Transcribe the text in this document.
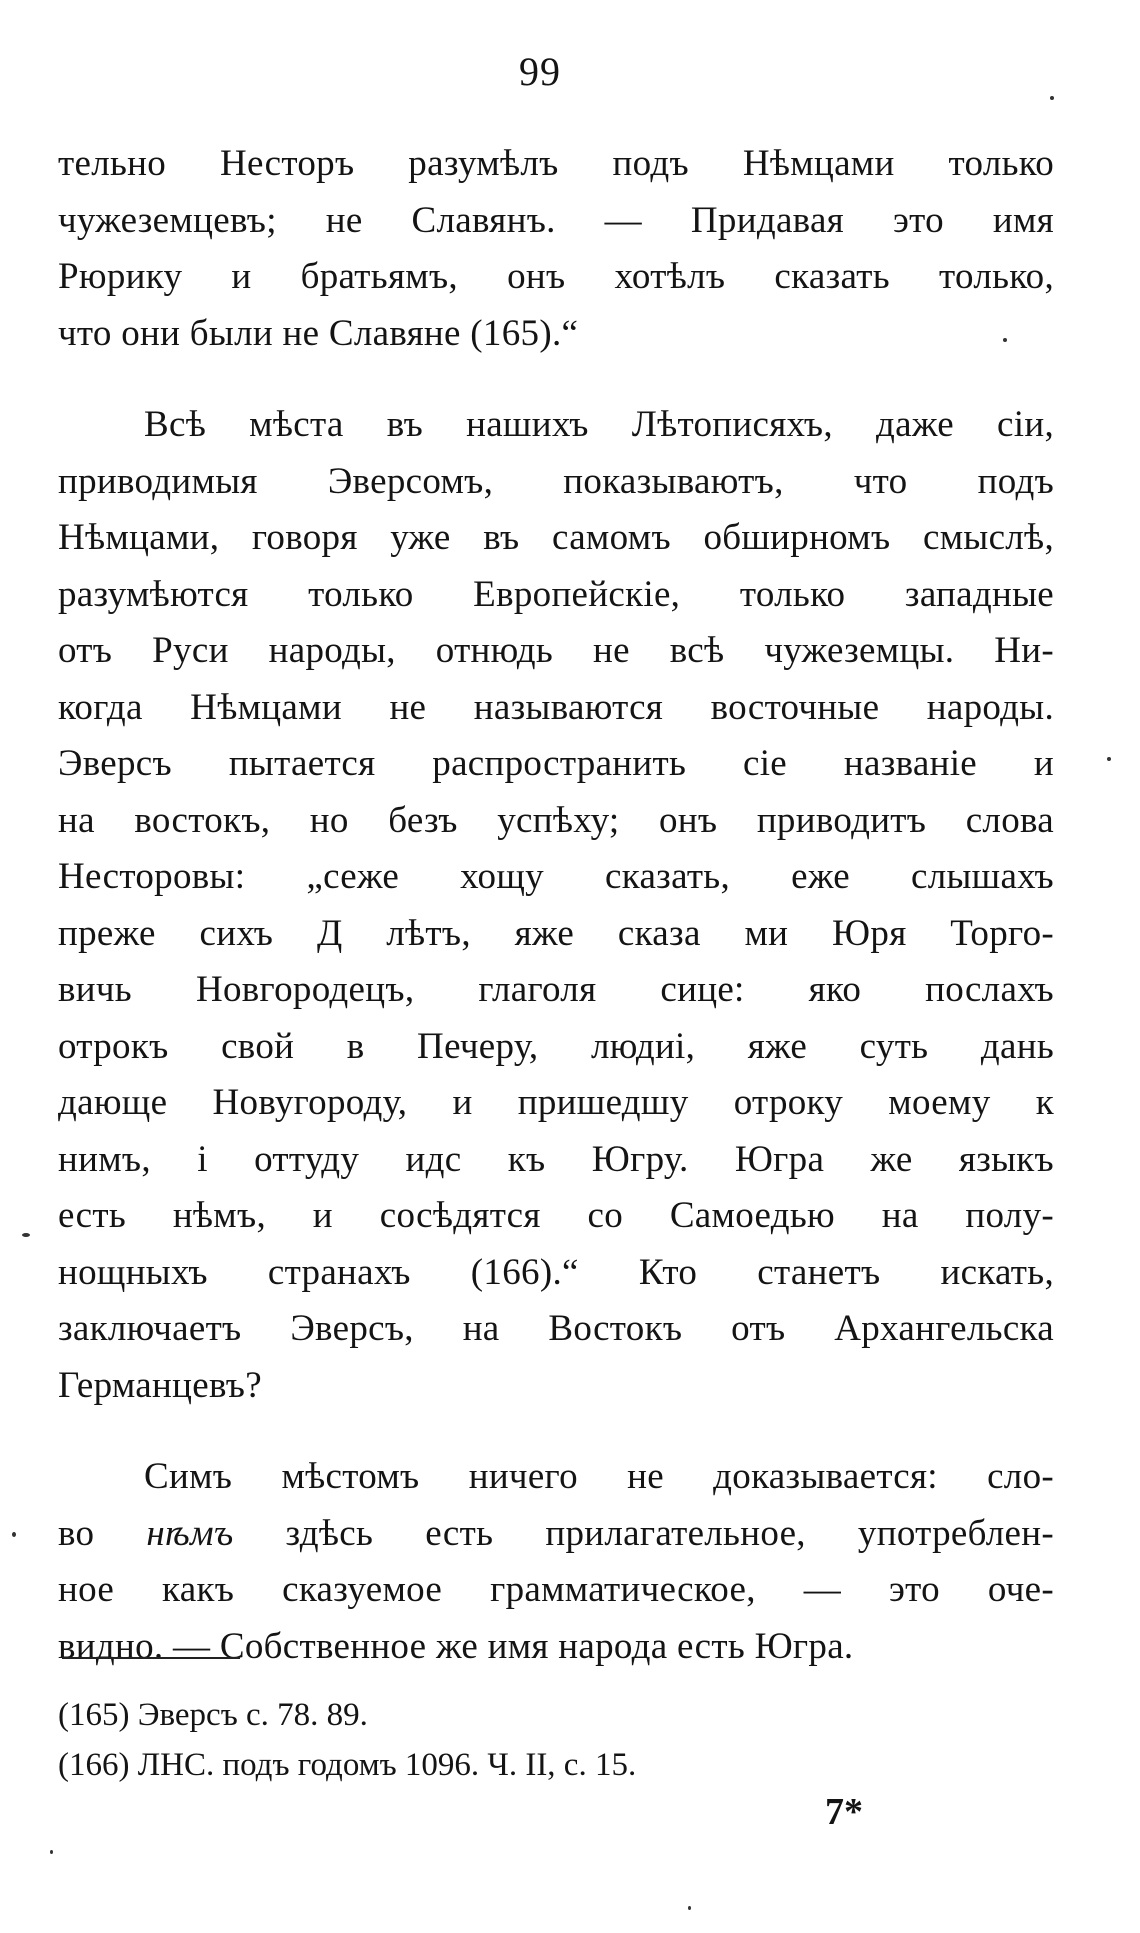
99

тельно Несторъ разумѣлъ подъ Нѣмцами только
чужеземцевъ; не Славянъ. — Придавая это имя
Рюрику и братьямъ, онъ хотѣлъ сказать только,
что они были не Славяне (165).“

Всѣ мѣста въ нашихъ Лѣтописяхъ, даже сіи,
приводимыя Эверсомъ, показываютъ, что подъ
Нѣмцами, говоря уже въ самомъ обширномъ смыслѣ,
разумѣются только Европейскіе, только западные
отъ Руси народы, отнюдь не всѣ чужеземцы. Ни-
когда Нѣмцами не называются восточные народы.
Эверсъ пытается распространить сіе названіе и
на востокъ, но безъ успѣху; онъ приводитъ слова
Несторовы: „сеже хощу сказать, еже слышахъ
преже сихъ Д лѣтъ, яже сказа ми Юря Торго-
вичь Новгородецъ, глаголя сице: яко послахъ
отрокъ свой в Печеру, людиі, яже суть дань
дающе Новугороду, и пришедшу отроку моему к
нимъ, і оттуду идс къ Югру. Югра же языкъ
есть нѣмъ, и сосѣдятся со Самоедью на полу-
нощныхъ странахъ (166).“ Кто станетъ искать,
заключаетъ Эверсъ, на Востокъ отъ Архангельска
Германцевъ?

Симъ мѣстомъ ничего не доказывается: сло-
во нѣмъ здѣсь есть прилагательное, употреблен-
ное какъ сказуемое грамматическое, — это оче-
видно. — Собственное же имя народа есть Югра.

(165) Эверсъ с. 78. 89.
(166) ЛНС. подъ годомъ 1096. Ч. II, с. 15.
7*
